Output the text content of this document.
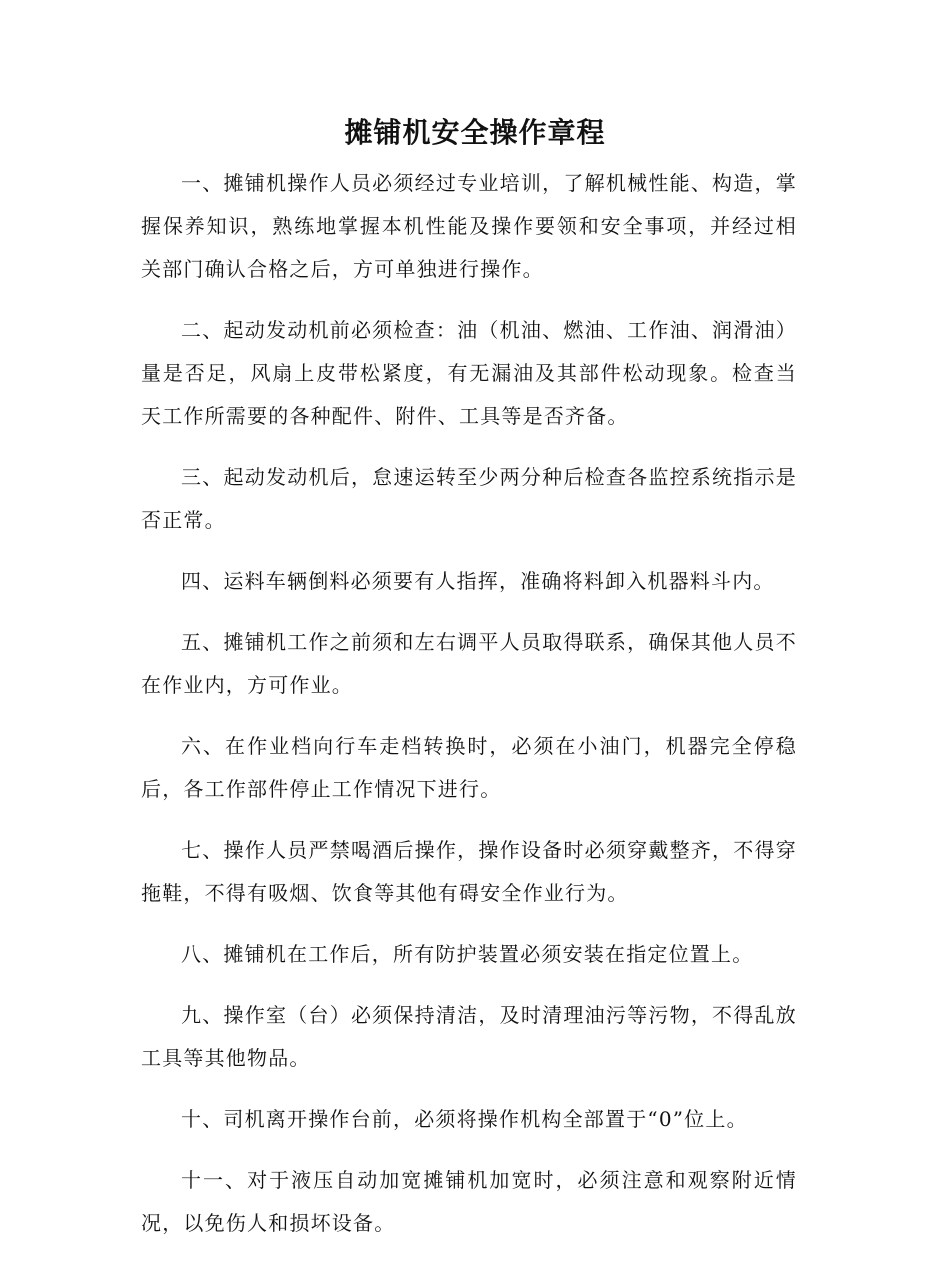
摊铺机安全操作章程

一、摊铺机操作人员必须经过专业培训，了解机械性能、构造，掌握保养知识，熟练地掌握本机性能及操作要领和安全事项，并经过相关部门确认合格之后，方可单独进行操作。

二、起动发动机前必须检查：油（机油、燃油、工作油、润滑油）量是否足，风扇上皮带松紧度，有无漏油及其部件松动现象。检查当天工作所需要的各种配件、附件、工具等是否齐备。

三、起动发动机后，怠速运转至少两分种后检查各监控系统指示是否正常。

四、运料车辆倒料必须要有人指挥，准确将料卸入机器料斗内。

五、摊铺机工作之前须和左右调平人员取得联系，确保其他人员不在作业内，方可作业。

六、在作业档向行车走档转换时，必须在小油门，机器完全停稳后，各工作部件停止工作情况下进行。

七、操作人员严禁喝酒后操作，操作设备时必须穿戴整齐，不得穿拖鞋，不得有吸烟、饮食等其他有碍安全作业行为。

八、摊铺机在工作后，所有防护装置必须安装在指定位置上。

九、操作室（台）必须保持清洁，及时清理油污等污物，不得乱放工具等其他物品。

十、司机离开操作台前，必须将操作机构全部置于“0”位上。

十一、对于液压自动加宽摊铺机加宽时，必须注意和观察附近情况，以免伤人和损坏设备。
